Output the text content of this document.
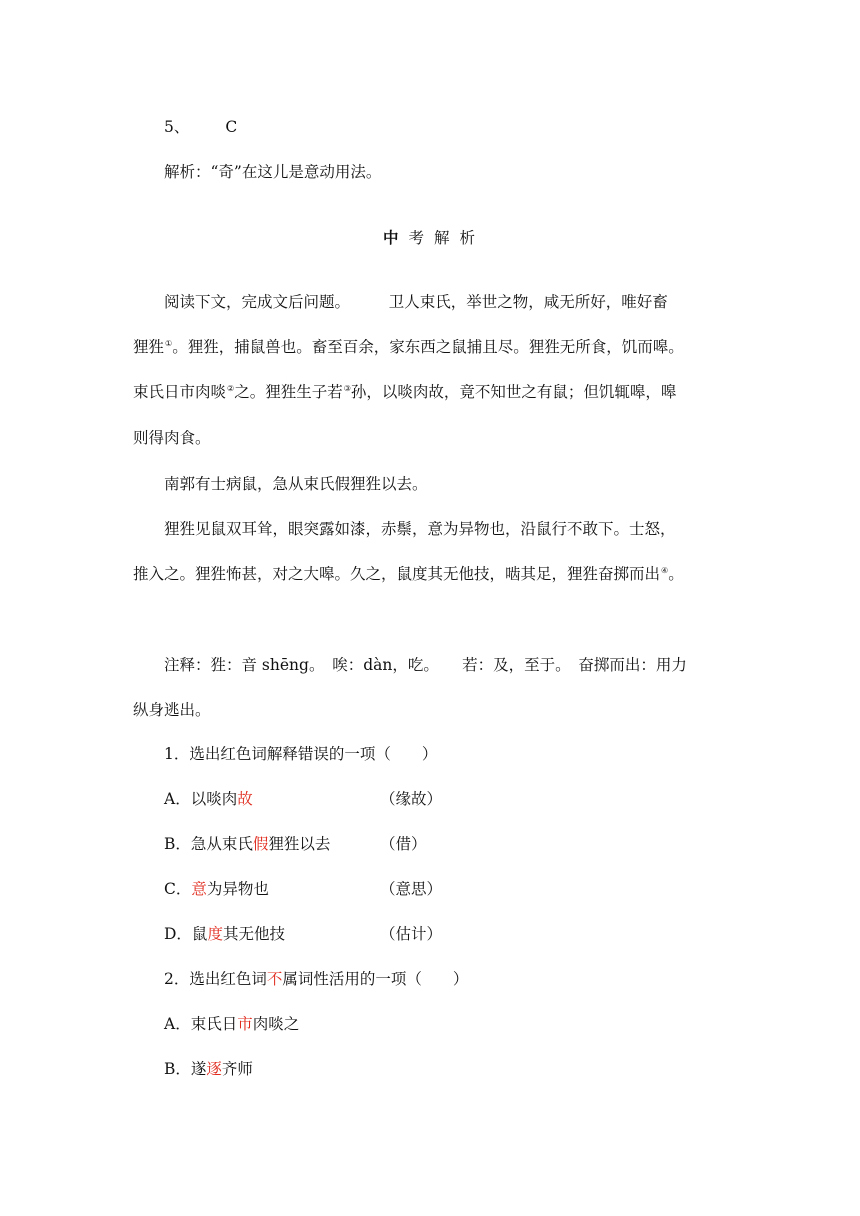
5、 C
解析：“奇”在这儿是意动用法。
中考解析
阅读下文，完成文后问题。　　　卫人束氏，举世之物，咸无所好，唯好畜
狸狌①。狸狌，捕鼠兽也。畜至百余，家东西之鼠捕且尽。狸狌无所食，饥而嗥。
束氏日市肉啖②之。狸狌生子若③孙，以啖肉故，竟不知世之有鼠；但饥辄嗥，嗥
则得肉食。
南郭有士病鼠，急从束氏假狸狌以去。
狸狌见鼠双耳耸，眼突露如漆，赤鬃，意为异物也，沿鼠行不敢下。士怒，
推入之。狸狌怖甚，对之大嗥。久之，鼠度其无他技，啮其足，狸狌奋掷而出④。
注释：狌：音 shēng。　唉：dàn，吃。　　若：及，至于。　奋掷而出：用力
纵身逃出。
1．选出红色词解释错误的一项（　　）
A．以啖肉故	（缘故）
B．急从束氏假狸狌以去	（借）
C．意为异物也	（意思）
D．鼠度其无他技	（估计）
2．选出红色词不属词性活用的一项（　　）
A．束氏日市肉啖之
B．遂逐齐师
